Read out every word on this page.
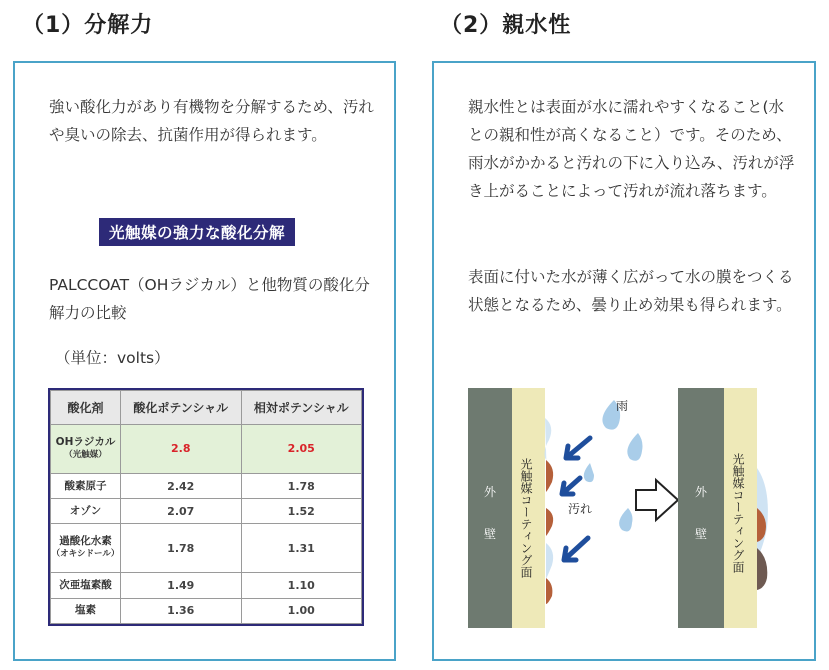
（1）分解力	（2）親水性
強い酸化力があり有機物を分解するため、汚れや臭いの除去、抗菌作用が得られます。
光触媒の強力な酸化分解
PALCCOAT（OHラジカル）と他物質の酸化分解力の比較
（単位：volts）
酸化剤	酸化ポテンシャル	相対ポテンシャル
OHラジカル
（光触媒）	2.8	2.05
酸素原子	2.42	1.78
オゾン	2.07	1.52
過酸化水素
（オキシドール）	1.78	1.31
次亜塩素酸	1.49	1.10
塩素	1.36	1.00
親水性とは表面が水に濡れやすくなること(水との親和性が高くなること）です。そのため、雨水がかかると汚れの下に入り込み、汚れが浮き上がることによって汚れが流れ落ちます。
表面に付いた水が薄く広がって水の膜をつくる状態となるため、曇り止め効果も得られます。
外
壁 光触媒コーティング面
雨
汚れ
外
壁 光触媒コーティング面
